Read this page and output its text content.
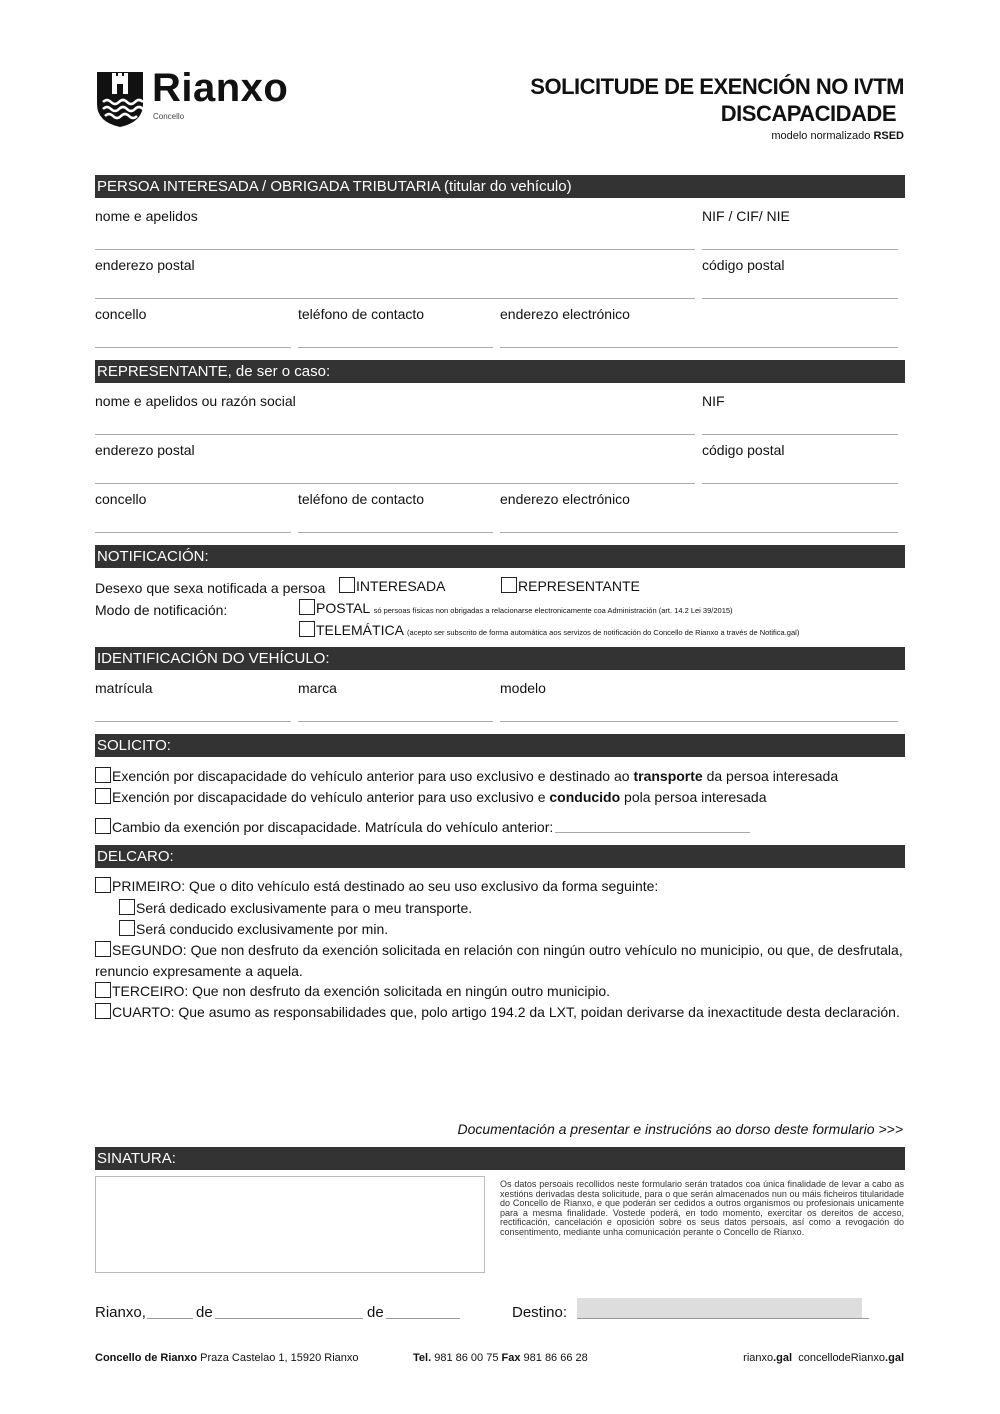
Rianxo
Concello
SOLICITUDE DE EXENCIÓN NO IVTM
DISCAPACIDADE
modelo normalizado RSED
PERSOA INTERESADA / OBRIGADA TRIBUTARIA (titular do vehículo)
nome e apelidos	NIF / CIF/ NIE
enderezo postal	código postal
concello	teléfono de contacto	enderezo electrónico
REPRESENTANTE, de ser o caso:
nome e apelidos ou razón social	NIF
enderezo postal	código postal
concello	teléfono de contacto	enderezo electrónico
NOTIFICACIÓN:
Desexo que sexa notificada a persoa	INTERESADA	REPRESENTANTE
Modo de notificación:	POSTAL só persoas físicas non obrigadas a relacionarse electronicamente coa Administración (art. 14.2 Lei 39/2015)
TELEMÁTICA (acepto ser subscrito de forma automática aos servizos de notificación do Concello de Rianxo a través de Notifica.gal)
IDENTIFICACIÓN DO VEHÍCULO:
matrícula	marca	modelo
SOLICITO:
Exención por discapacidade do vehículo anterior para uso exclusivo e destinado ao transporte da persoa interesada
Exención por discapacidade do vehículo anterior para uso exclusivo e conducido pola persoa interesada
Cambio da exención por discapacidade. Matrícula do vehículo anterior:
DELCARO:
PRIMEIRO: Que o dito vehículo está destinado ao seu uso exclusivo da forma seguinte:
Será dedicado exclusivamente para o meu transporte.
Será conducido exclusivamente por min.
SEGUNDO: Que non desfruto da exención solicitada en relación con ningún outro vehículo no municipio, ou que, de desfrutala,
renuncio expresamente a aquela.
TERCEIRO: Que non desfruto da exención solicitada en ningún outro municipio.
CUARTO: Que asumo as responsabilidades que, polo artigo 194.2 da LXT, poidan derivarse da inexactitude desta declaración.
Documentación a presentar e instrucións ao dorso deste formulario >>>
SINATURA:
Os datos persoais recollidos neste formulario serán tratados coa única finalidade de levar a cabo as xestións derivadas desta solicitude, para o que serán almacenados nun ou máis ficheiros titularidade do Concello de Rianxo, e que poderán ser cedidos a outros organismos ou profesionais unicamente para a mesma finalidade. Vostede poderá, en todo momento, exercitar os dereitos de acceso, rectificación, cancelación e oposición sobre os seus datos persoais, así como a revogación do consentimento, mediante unha comunicación perante o Concello de Rianxo.
Rianxo,	de	de	Destino:
Concello de Rianxo Praza Castelao 1, 15920 Rianxo	Tel. 981 86 00 75 Fax 981 86 66 28	rianxo.gal concellodeRianxo.gal
